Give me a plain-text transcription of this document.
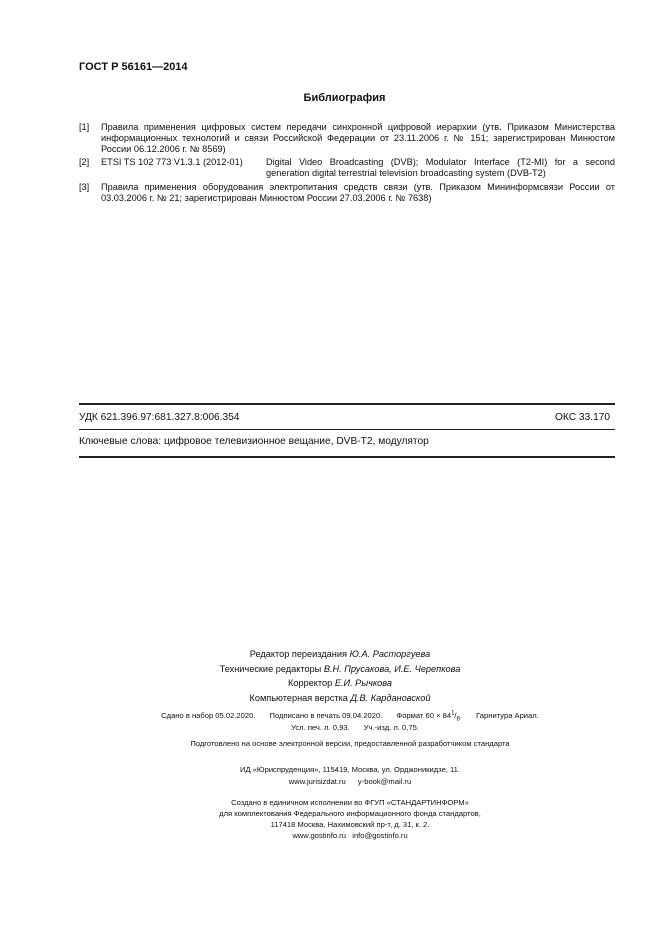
ГОСТ Р 56161—2014
Библиография
[1] Правила применения цифровых систем передачи синхронной цифровой иерархии (утв. Приказом Министерства информационных технологий и связи Российской Федерации от 23.11.2006 г. № 151; зарегистрирован Минюстом России 06.12.2006 г. № 8569)
[2] ETSI TS 102 773 V1.3.1 (2012-01)	Digital Video Broadcasting (DVB); Modulator Interface (T2-MI) for a second generation digital terrestrial television broadcasting system (DVB-T2)
[3] Правила применения оборудования электропитания средств связи (утв. Приказом Мининформсвязи России от 03.03.2006 г. № 21; зарегистрирован Минюстом России 27.03.2006 г. № 7638)
УДК 621.396.97:681.327.8:006.354	ОКС 33.170
Ключевые слова: цифровое телевизионное вещание, DVB-T2, модулятор
Редактор переиздания Ю.А. Расторгуева
Технические редакторы В.Н. Прусакова, И.Е. Черепкова
Корректор Е.И. Рычкова
Компьютерная верстка Д.В. Кардановской
Сдано в набор 05.02.2020. Подписано в печать 09.04.2020. Формат $60 \times 84^1/_8$. Гарнитура Ариал.
Усл. печ. л. 0,93. Уч.-изд. л. 0,75.
Подготовлено на основе электронной версии, предоставленной разработчиком стандарта
ИД «Юриспруденция», 115419, Москва, ул. Орджоникидзе, 11.
www.jurisizdat.ru y-book@mail.ru
Создано в единичном исполнении во ФГУП «СТАНДАРТИНФОРМ»
для комплектования Федерального информационного фонда стандартов,
117418 Москва, Нахимовский пр-т, д. 31, к. 2.
www.gostinfo.ru info@gostinfo.ru
